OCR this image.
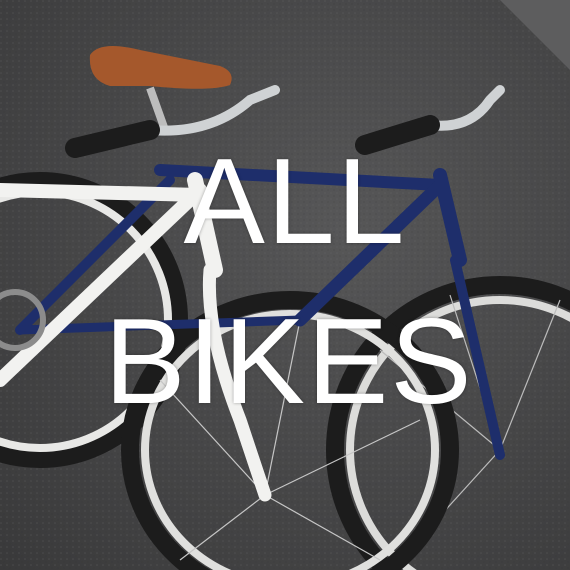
ALL
BIKES
